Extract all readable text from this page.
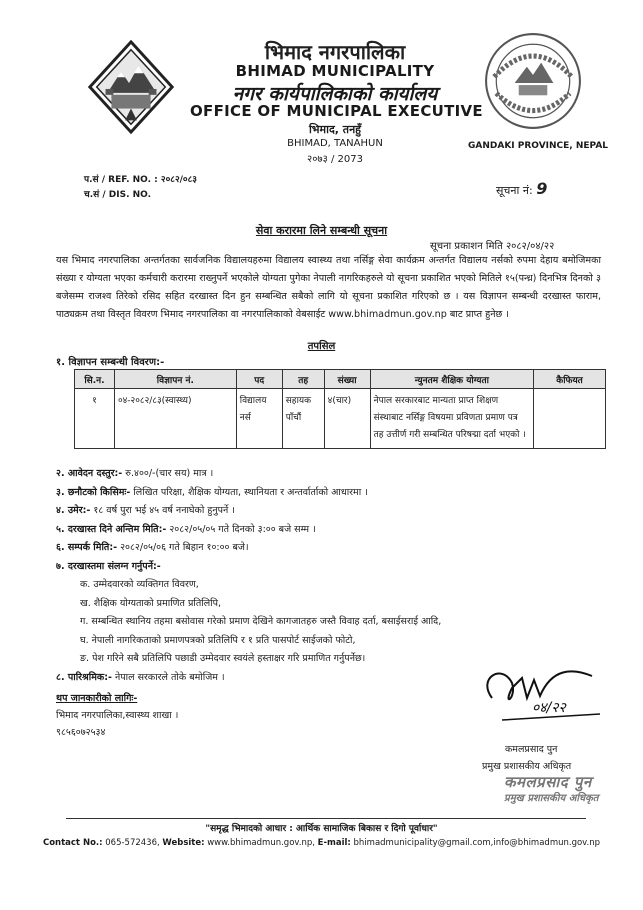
भिमाद नगरपालिका
BHIMAD MUNICIPALITY
नगर कार्यपालिकाको कार्यालय
OFFICE OF MUNICIPAL EXECUTIVE
भिमाद, तनहुँ
BHIMAD, TANAHUN
२०७३ / 2073
GANDAKI PROVINCE, NEPAL
प.सं / REF. NO. : २०८२/०८३
च.सं / DIS. NO.	सूचना नं: 9
सेवा करारमा लिने सम्बन्धी सूचना
सूचना प्रकाशन मिति २०८२/०४/२२
यस भिमाद नगरपालिका अन्तर्गतका सार्वजनिक विद्यालयहरुमा विद्यालय स्वास्थ्य तथा नर्सिङ्ग सेवा कार्यक्रम अन्तर्गत विद्यालय नर्सको रुपमा देहाय बमोजिमका संख्या र योग्यता भएका कर्मचारी करारमा राख्नुपर्ने भएकोले योग्यता पुगेका नेपाली नागरिकहरुले यो सूचना प्रकाशित भएको मितिले १५(पन्ध्र) दिनभित्र दिनको ३ बजेसम्म राजश्व तिरेको रसिद सहित दरखास्त दिन हुन सम्बन्धित सबैको लागि यो सूचना प्रकाशित गरिएको छ । यस विज्ञापन सम्बन्धी दरखास्त फाराम, पाठ्यक्रम तथा विस्तृत विवरण भिमाद नगरपालिका वा नगरपालिकाको वेबसाईट www.bhimadmun.gov.np बाट प्राप्त हुनेछ ।
तपसिल
१. विज्ञापन सम्बन्धी विवरण:-
सि.न.	विज्ञापन नं.	पद	तह	संख्या	न्युनतम शैक्षिक योग्यता	कैफियत
१	०४-२०८२/८३(स्वास्थ्य)	विद्यालय नर्स	सहायक पाँचौं	४(चार)	नेपाल सरकारबाट मान्यता प्राप्त शिक्षण संस्थाबाट नर्सिङ्ग विषयमा प्रविणता प्रमाण पत्र तह उत्तीर्ण गरी सम्बन्धित परिषद्मा दर्ता भएको ।	
२. आवेदन दस्तुर:- रु.४००/-(चार सय) मात्र ।
३. छनौटको किसिमः- लिखित परिक्षा, शैक्षिक योग्यता, स्थानियता र अन्तर्वार्ताको आधारमा ।
४. उमेर:- १८ वर्ष पुरा भई ४५ वर्ष ननाघेको हुनुपर्ने ।
५. दरखास्त दिने अन्तिम मिति:- २०८२/०५/०५ गते दिनको ३:०० बजे सम्म ।
६. सम्पर्क मिति:- २०८२/०५/०६ गते बिहान १०:०० बजे।
७. दरखास्तमा संलग्न गर्नुपर्ने:-
क. उम्मेदवारको व्यक्तिगत विवरण,
ख. शैक्षिक योग्यताको प्रमाणित प्रतिलिपि,
ग. सम्बन्धित स्थानिय तहमा बसोवास गरेको प्रमाण देखिने कागजातहरु जस्तै विवाह दर्ता, बसाईसराई आदि,
घ. नेपाली नागरिकताको प्रमाणपत्रको प्रतिलिपि र १ प्रति पासपोर्ट साईजको फोटो,
ङ. पेश गरिने सबै प्रतिलिपि पछाडी उम्मेदवार स्वयंले हस्ताक्षर गरि प्रमाणित गर्नुपर्नेछ।
८. पारिश्रमिक:- नेपाल सरकारले तोके बमोजिम ।
थप जानकारीको लागिः-
भिमाद नगरपालिका,स्वास्थ्य शाखा ।
९८५६०७२५३४
०४/२२
कमलप्रसाद पुन
प्रमुख प्रशासकीय अधिकृत
कमलप्रसाद पुन
प्रमुख प्रशासकीय अधिकृत
"समृद्ध भिमादको आधार : आर्थिक सामाजिक बिकास र दिगो पूर्वाधार"
Contact No.: 065-572436, Website: www.bhimadmun.gov.np, E-mail: bhimadmunicipality@gmail.com,info@bhimadmun.gov.np
